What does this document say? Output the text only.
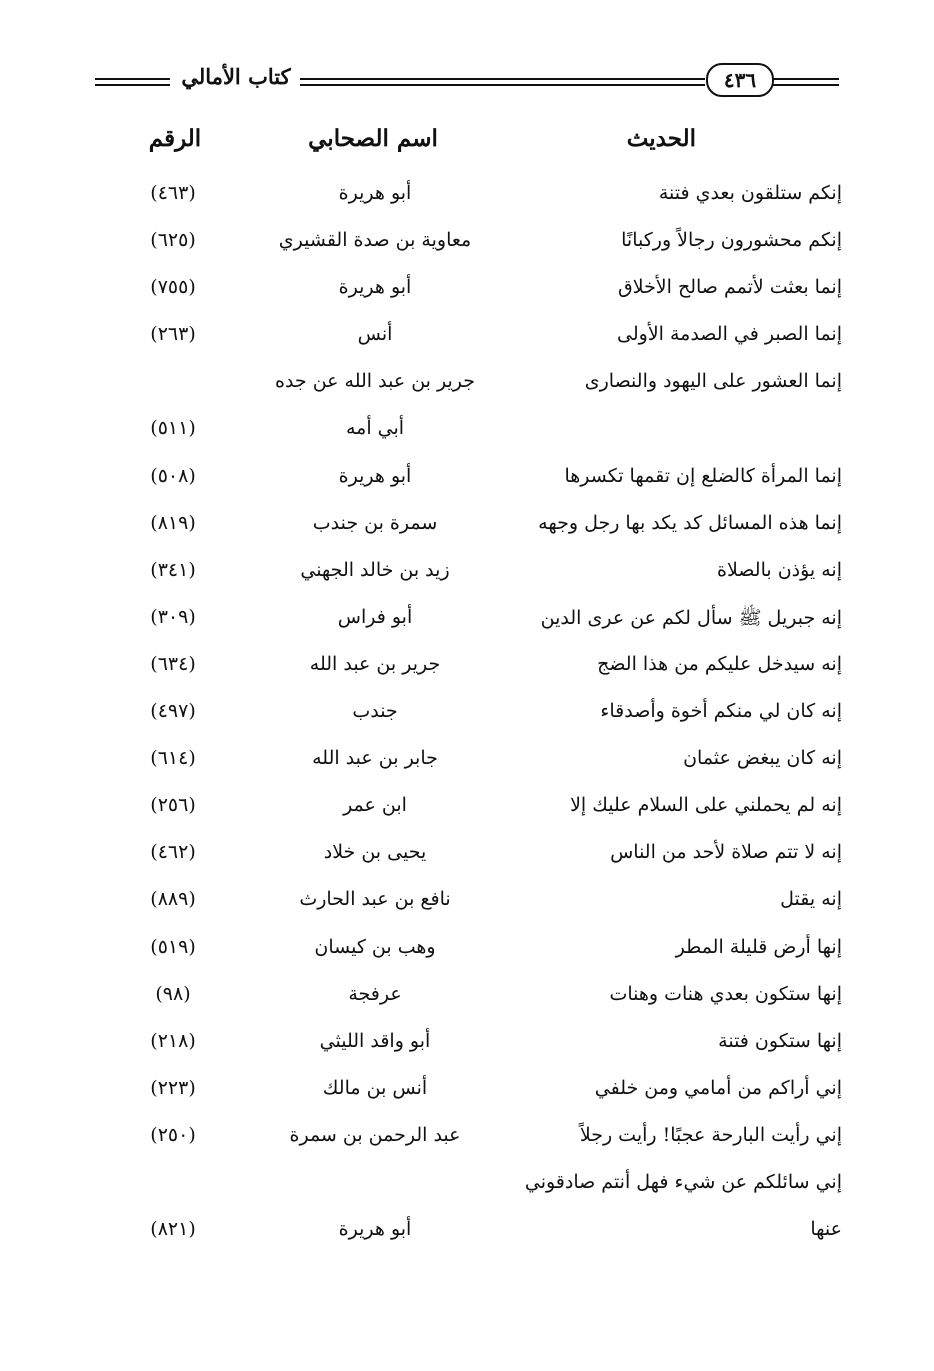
كتاب الأمالي	٤٣٦
الحديث
اسم الصحابي
الرقم
إنكم ستلقون بعدي فتنة
أبو هريرة
(٤٦٣)
إنكم محشورون رجالاً وركبانًا
معاوية بن صدة القشيري
(٦٢٥)
إنما بعثت لأتمم صالح الأخلاق
أبو هريرة
(٧٥٥)
إنما الصبر في الصدمة الأولى
أنس
(٢٦٣)
إنما العشور على اليهود والنصارى
جرير بن عبد الله عن جده
أبي أمه
(٥١١)
إنما المرأة كالضلع إن تقمها تكسرها
أبو هريرة
(٥٠٨)
إنما هذه المسائل كد يكد بها رجل وجهه
سمرة بن جندب
(٨١٩)
إنه يؤذن بالصلاة
زيد بن خالد الجهني
(٣٤١)
إنه جبريل ﷺ سأل لكم عن عرى الدين
أبو فراس
(٣٠٩)
إنه سيدخل عليكم من هذا الضج
جرير بن عبد الله
(٦٣٤)
إنه كان لي منكم أخوة وأصدقاء
جندب
(٤٩٧)
إنه كان يبغض عثمان
جابر بن عبد الله
(٦١٤)
إنه لم يحملني على السلام عليك إلا
ابن عمر
(٢٥٦)
إنه لا تتم صلاة لأحد من الناس
يحيى بن خلاد
(٤٦٢)
إنه يقتل
نافع بن عبد الحارث
(٨٨٩)
إنها أرض قليلة المطر
وهب بن كيسان
(٥١٩)
إنها ستكون بعدي هنات وهنات
عرفجة
(٩٨)
إنها ستكون فتنة
أبو واقد الليثي
(٢١٨)
إني أراكم من أمامي ومن خلفي
أنس بن مالك
(٢٢٣)
إني رأيت البارحة عجبًا! رأيت رجلاً
عبد الرحمن بن سمرة
(٢٥٠)
إني سائلكم عن شيء فهل أنتم صادقوني
عنها
أبو هريرة
(٨٢١)
